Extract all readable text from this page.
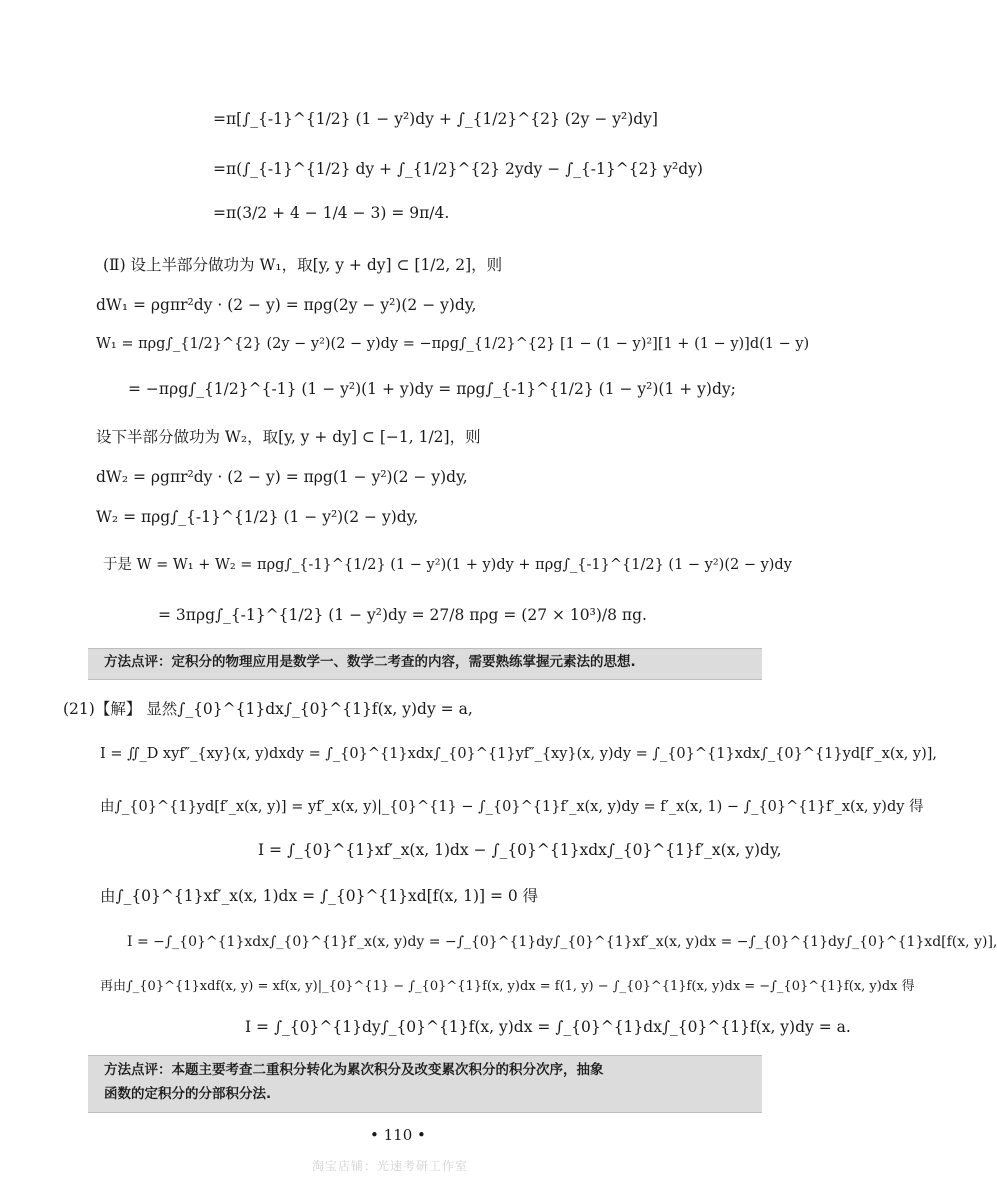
=π[∫_{-1}^{1/2} (1 − y²)dy + ∫_{1/2}^{2} (2y − y²)dy]
=π(∫_{-1}^{1/2} dy + ∫_{1/2}^{2} 2ydy − ∫_{-1}^{2} y²dy)
=π(3/2 + 4 − 1/4 − 3) = 9π/4.
(Ⅱ) 设上半部分做功为 W₁，取[y, y + dy] ⊂ [1/2, 2]，则
dW₁ = ρgπr²dy · (2 − y) = πρg(2y − y²)(2 − y)dy,
W₁ = πρg∫_{1/2}^{2} (2y − y²)(2 − y)dy = −πρg∫_{1/2}^{2} [1 − (1 − y)²][1 + (1 − y)]d(1 − y)
= −πρg∫_{1/2}^{-1} (1 − y²)(1 + y)dy = πρg∫_{-1}^{1/2} (1 − y²)(1 + y)dy;
设下半部分做功为 W₂，取[y, y + dy] ⊂ [−1, 1/2]，则
dW₂ = ρgπr²dy · (2 − y) = πρg(1 − y²)(2 − y)dy,
W₂ = πρg∫_{-1}^{1/2} (1 − y²)(2 − y)dy,
于是 W = W₁ + W₂ = πρg∫_{-1}^{1/2} (1 − y²)(1 + y)dy + πρg∫_{-1}^{1/2} (1 − y²)(2 − y)dy
= 3πρg∫_{-1}^{1/2} (1 − y²)dy = 27/8 πρg = (27 × 10³)/8 πg.
方法点评：定积分的物理应用是数学一、数学二考查的内容，需要熟练掌握元素法的思想.
(21)【解】 显然∫_{0}^{1}dx∫_{0}^{1}f(x, y)dy = a,
I = ∬_D xyf″_{xy}(x, y)dxdy = ∫_{0}^{1}xdx∫_{0}^{1}yf″_{xy}(x, y)dy = ∫_{0}^{1}xdx∫_{0}^{1}yd[f′_x(x, y)],
由∫_{0}^{1}yd[f′_x(x, y)] = yf′_x(x, y)|_{0}^{1} − ∫_{0}^{1}f′_x(x, y)dy = f′_x(x, 1) − ∫_{0}^{1}f′_x(x, y)dy 得
I = ∫_{0}^{1}xf′_x(x, 1)dx − ∫_{0}^{1}xdx∫_{0}^{1}f′_x(x, y)dy,
由∫_{0}^{1}xf′_x(x, 1)dx = ∫_{0}^{1}xd[f(x, 1)] = 0 得
I = −∫_{0}^{1}xdx∫_{0}^{1}f′_x(x, y)dy = −∫_{0}^{1}dy∫_{0}^{1}xf′_x(x, y)dx = −∫_{0}^{1}dy∫_{0}^{1}xd[f(x, y)],
再由∫_{0}^{1}xdf(x, y) = xf(x, y)|_{0}^{1} − ∫_{0}^{1}f(x, y)dx = f(1, y) − ∫_{0}^{1}f(x, y)dx = −∫_{0}^{1}f(x, y)dx 得
I = ∫_{0}^{1}dy∫_{0}^{1}f(x, y)dx = ∫_{0}^{1}dx∫_{0}^{1}f(x, y)dy = a.
方法点评：本题主要考查二重积分转化为累次积分及改变累次积分的积分次序，抽象
函数的定积分的分部积分法.
• 110 •
淘宝店铺：光速考研工作室
